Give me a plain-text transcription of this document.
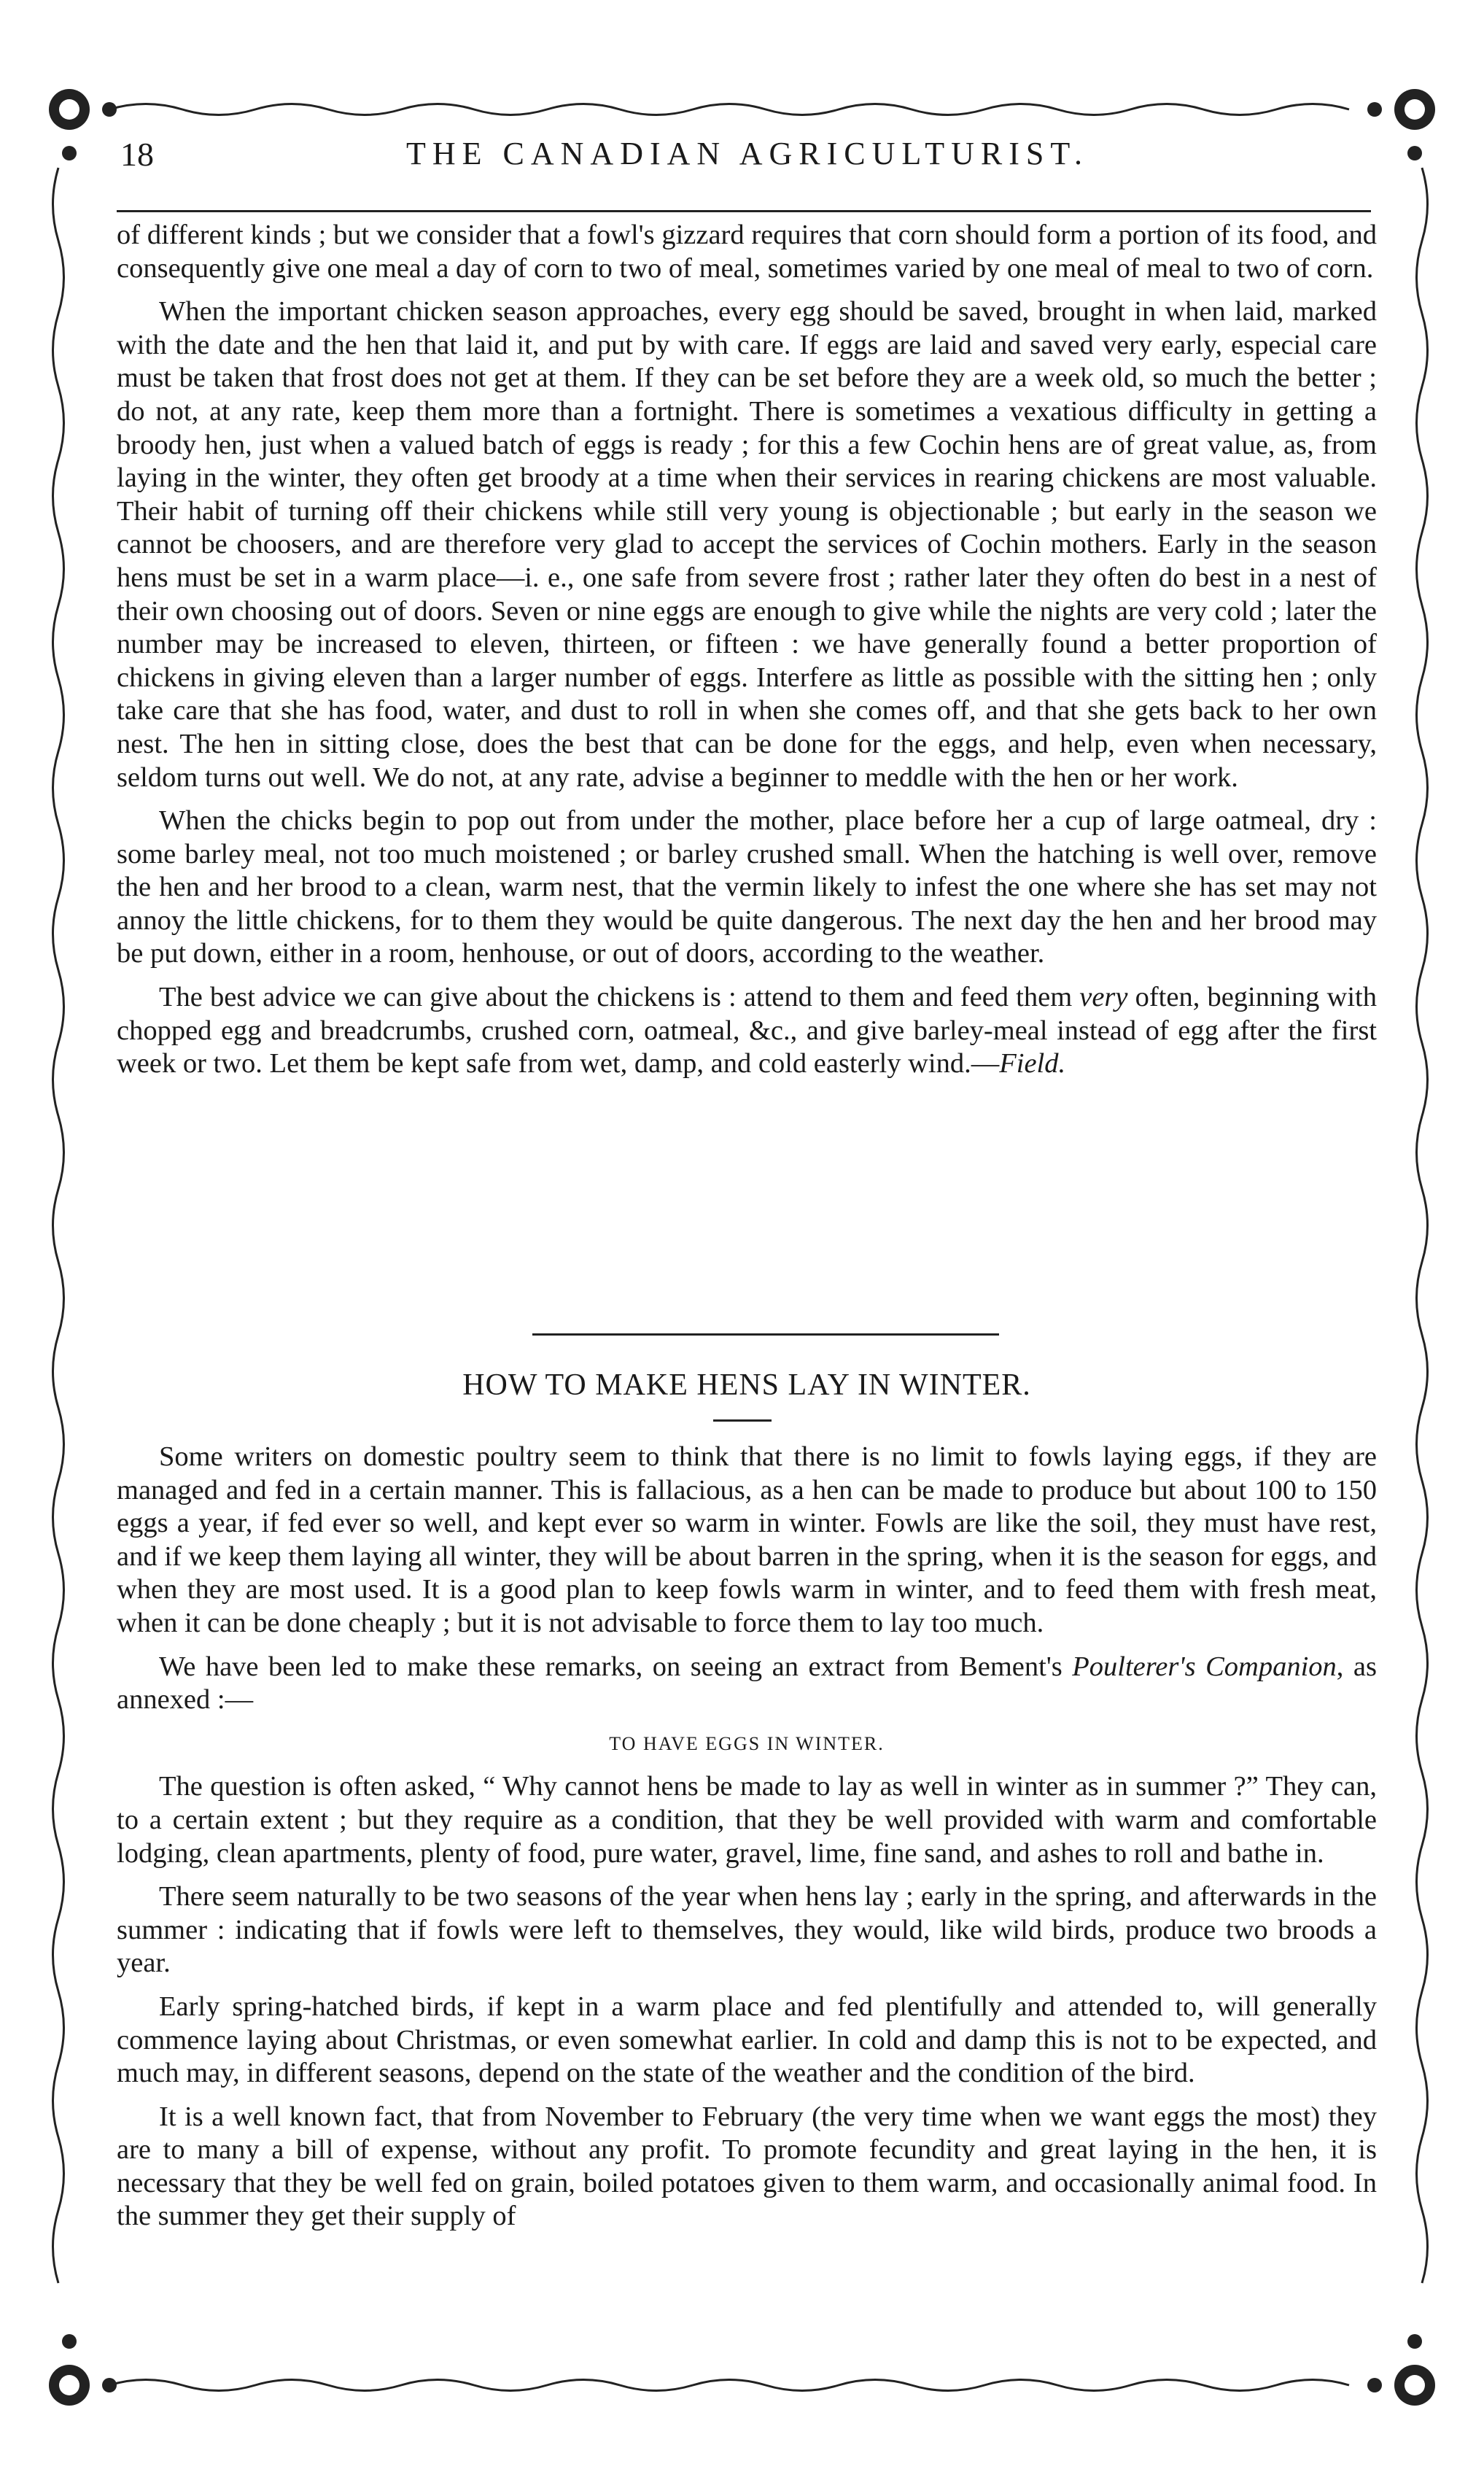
18	THE CANADIAN AGRICULTURIST.

of different kinds ; but we consider that a fowl's gizzard requires that corn should form a portion of its food, and consequently give one meal a day of corn to two of meal, sometimes varied by one meal of meal to two of corn.

When the important chicken season approaches, every egg should be saved, brought in when laid, marked with the date and the hen that laid it, and put by with care. If eggs are laid and saved very early, especial care must be taken that frost does not get at them. If they can be set before they are a week old, so much the better ; do not, at any rate, keep them more than a fortnight. There is sometimes a vexatious difficulty in getting a broody hen, just when a valued batch of eggs is ready ; for this a few Cochin hens are of great value, as, from laying in the winter, they often get broody at a time when their services in rearing chickens are most valuable. Their habit of turning off their chickens while still very young is objectionable ; but early in the season we cannot be choosers, and are therefore very glad to accept the services of Cochin mothers. Early in the season hens must be set in a warm place—i. e., one safe from severe frost ; rather later they often do best in a nest of their own choosing out of doors. Seven or nine eggs are enough to give while the nights are very cold ; later the number may be increased to eleven, thirteen, or fifteen : we have generally found a better proportion of chickens in giving eleven than a larger number of eggs. Interfere as little as possible with the sitting hen ; only take care that she has food, water, and dust to roll in when she comes off, and that she gets back to her own nest. The hen in sitting close, does the best that can be done for the eggs, and help, even when necessary, seldom turns out well. We do not, at any rate, advise a beginner to meddle with the hen or her work.

When the chicks begin to pop out from under the mother, place before her a cup of large oatmeal, dry : some barley meal, not too much moistened ; or barley crushed small. When the hatching is well over, remove the hen and her brood to a clean, warm nest, that the vermin likely to infest the one where she has set may not annoy the little chickens, for to them they would be quite dangerous. The next day the hen and her brood may be put down, either in a room, henhouse, or out of doors, according to the weather.

The best advice we can give about the chickens is : attend to them and feed them very often, beginning with chopped egg and breadcrumbs, crushed corn, oatmeal, &c., and give barley-meal instead of egg after the first week or two. Let them be kept safe from wet, damp, and cold easterly wind.—Field.

HOW TO MAKE HENS LAY IN WINTER.

Some writers on domestic poultry seem to think that there is no limit to fowls laying eggs, if they are managed and fed in a certain manner. This is fallacious, as a hen can be made to produce but about 100 to 150 eggs a year, if fed ever so well, and kept ever so warm in winter. Fowls are like the soil, they must have rest, and if we keep them laying all winter, they will be about barren in the spring, when it is the season for eggs, and when they are most used. It is a good plan to keep fowls warm in winter, and to feed them with fresh meat, when it can be done cheaply ; but it is not advisable to force them to lay too much.

We have been led to make these remarks, on seeing an extract from Bement's Poulterer's Companion, as annexed :—

TO HAVE EGGS IN WINTER.

The question is often asked, “ Why cannot hens be made to lay as well in winter as in summer ?” They can, to a certain extent ; but they require as a condition, that they be well provided with warm and comfortable lodging, clean apartments, plenty of food, pure water, gravel, lime, fine sand, and ashes to roll and bathe in.

There seem naturally to be two seasons of the year when hens lay ; early in the spring, and afterwards in the summer : indicating that if fowls were left to themselves, they would, like wild birds, produce two broods a year.

Early spring-hatched birds, if kept in a warm place and fed plentifully and attended to, will generally commence laying about Christmas, or even somewhat earlier. In cold and damp this is not to be expected, and much may, in different seasons, depend on the state of the weather and the condition of the bird.

It is a well known fact, that from November to February (the very time when we want eggs the most) they are to many a bill of expense, without any profit. To promote fecundity and great laying in the hen, it is necessary that they be well fed on grain, boiled potatoes given to them warm, and occasionally animal food. In the summer they get their supply of
